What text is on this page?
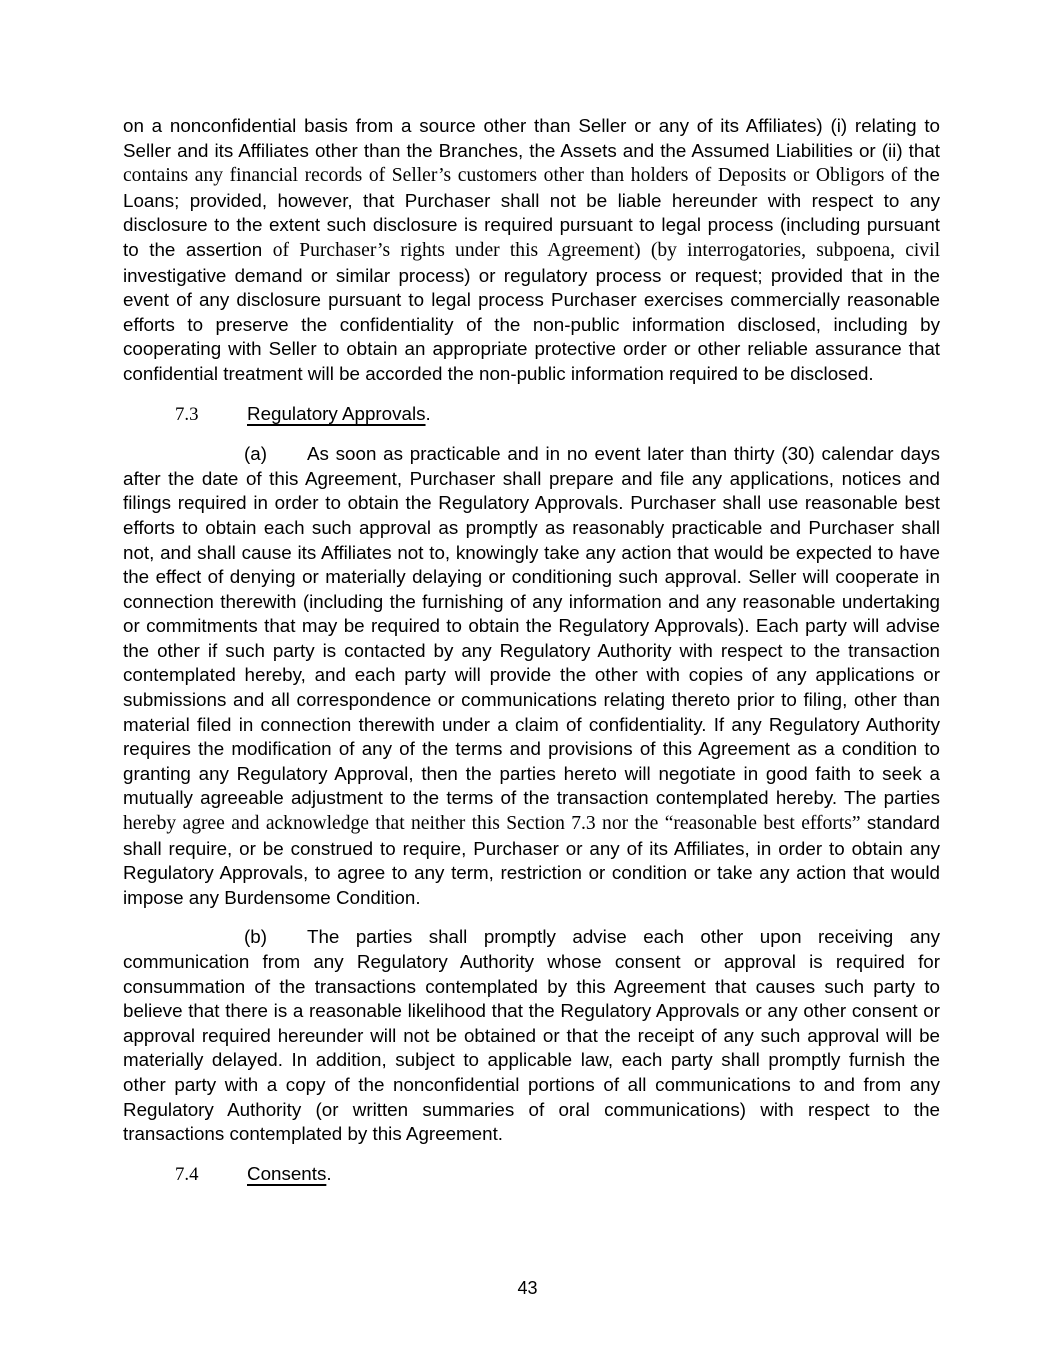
on a nonconfidential basis from a source other than Seller or any of its Affiliates) (i) relating to Seller and its Affiliates other than the Branches, the Assets and the Assumed Liabilities or (ii) that contains any financial records of Seller’s customers other than holders of Deposits or Obligors of the Loans; provided, however, that Purchaser shall not be liable hereunder with respect to any disclosure to the extent such disclosure is required pursuant to legal process (including pursuant to the assertion of Purchaser’s rights under this Agreement) (by interrogatories, subpoena, civil investigative demand or similar process) or regulatory process or request; provided that in the event of any disclosure pursuant to legal process Purchaser exercises commercially reasonable efforts to preserve the confidentiality of the non-public information disclosed, including by cooperating with Seller to obtain an appropriate protective order or other reliable assurance that confidential treatment will be accorded the non-public information required to be disclosed.

7.3	Regulatory Approvals.

(a) As soon as practicable and in no event later than thirty (30) calendar days after the date of this Agreement, Purchaser shall prepare and file any applications, notices and filings required in order to obtain the Regulatory Approvals. Purchaser shall use reasonable best efforts to obtain each such approval as promptly as reasonably practicable and Purchaser shall not, and shall cause its Affiliates not to, knowingly take any action that would be expected to have the effect of denying or materially delaying or conditioning such approval. Seller will cooperate in connection therewith (including the furnishing of any information and any reasonable undertaking or commitments that may be required to obtain the Regulatory Approvals). Each party will advise the other if such party is contacted by any Regulatory Authority with respect to the transaction contemplated hereby, and each party will provide the other with copies of any applications or submissions and all correspondence or communications relating thereto prior to filing, other than material filed in connection therewith under a claim of confidentiality. If any Regulatory Authority requires the modification of any of the terms and provisions of this Agreement as a condition to granting any Regulatory Approval, then the parties hereto will negotiate in good faith to seek a mutually agreeable adjustment to the terms of the transaction contemplated hereby. The parties hereby agree and acknowledge that neither this Section 7.3 nor the “reasonable best efforts” standard shall require, or be construed to require, Purchaser or any of its Affiliates, in order to obtain any Regulatory Approvals, to agree to any term, restriction or condition or take any action that would impose any Burdensome Condition.

(b) The parties shall promptly advise each other upon receiving any communication from any Regulatory Authority whose consent or approval is required for consummation of the transactions contemplated by this Agreement that causes such party to believe that there is a reasonable likelihood that the Regulatory Approvals or any other consent or approval required hereunder will not be obtained or that the receipt of any such approval will be materially delayed. In addition, subject to applicable law, each party shall promptly furnish the other party with a copy of the nonconfidential portions of all communications to and from any Regulatory Authority (or written summaries of oral communications) with respect to the transactions contemplated by this Agreement.

7.4	Consents.
43
